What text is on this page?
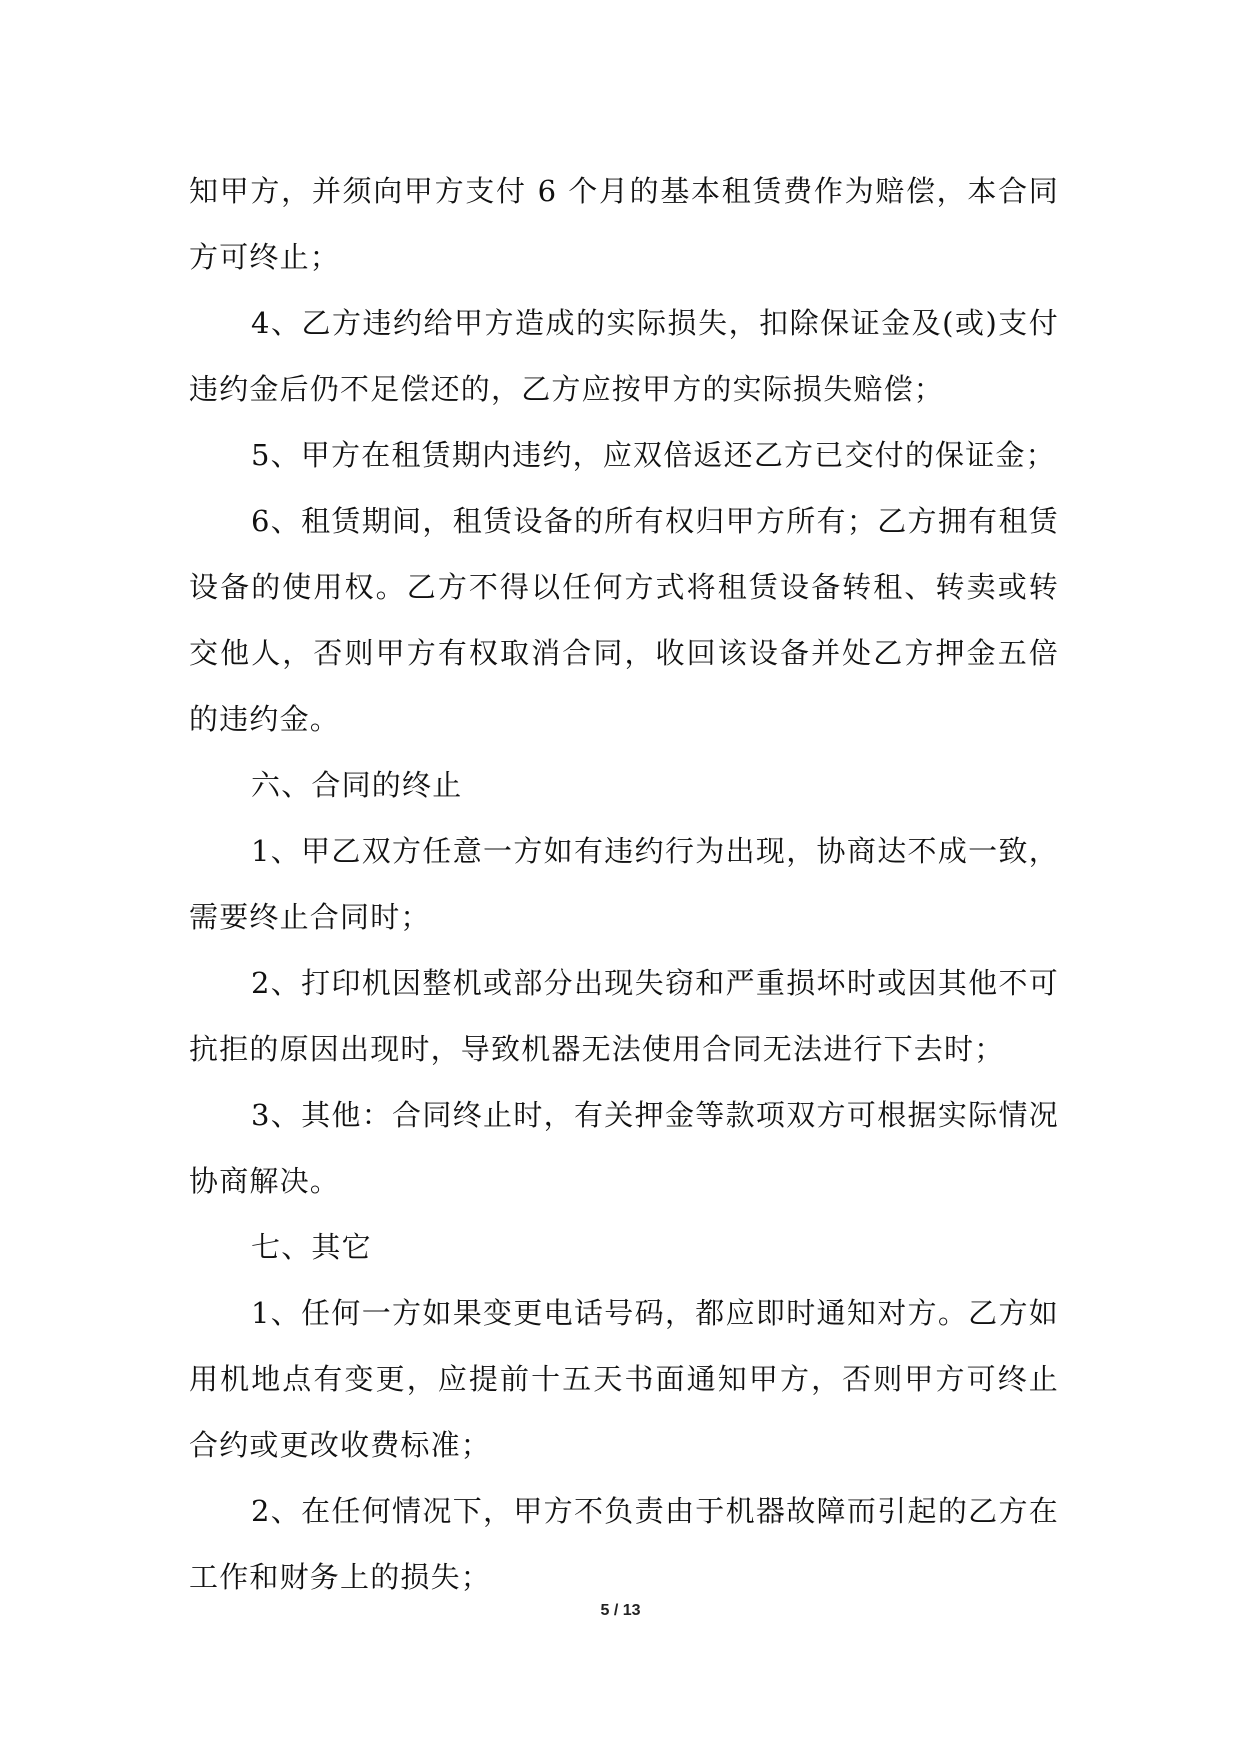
知甲方，并须向甲方支付 6 个月的基本租赁费作为赔偿，本合同方可终止；

4、乙方违约给甲方造成的实际损失，扣除保证金及(或)支付违约金后仍不足偿还的，乙方应按甲方的实际损失赔偿；

5、甲方在租赁期内违约，应双倍返还乙方已交付的保证金；

6、租赁期间，租赁设备的所有权归甲方所有；乙方拥有租赁设备的使用权。乙方不得以任何方式将租赁设备转租、转卖或转交他人，否则甲方有权取消合同，收回该设备并处乙方押金五倍的违约金。

六、合同的终止

1、甲乙双方任意一方如有违约行为出现，协商达不成一致，需要终止合同时；

2、打印机因整机或部分出现失窃和严重损坏时或因其他不可抗拒的原因出现时，导致机器无法使用合同无法进行下去时；

3、其他：合同终止时，有关押金等款项双方可根据实际情况协商解决。

七、其它

1、任何一方如果变更电话号码，都应即时通知对方。乙方如用机地点有变更，应提前十五天书面通知甲方，否则甲方可终止合约或更改收费标准；

2、在任何情况下，甲方不负责由于机器故障而引起的乙方在工作和财务上的损失；

5 / 13
